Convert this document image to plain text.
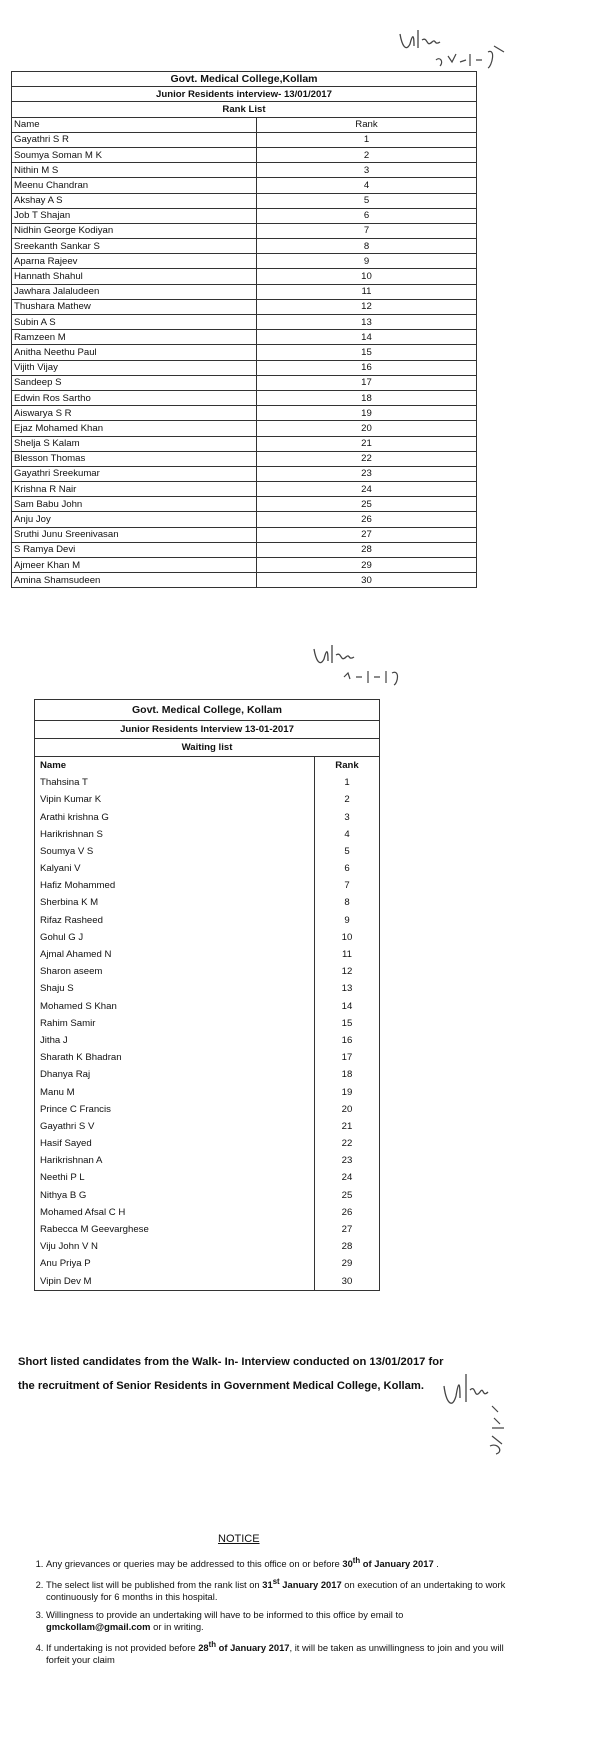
Govt. Medical College,Kollam	
Junior Residents interview- 13/01/2017	
Rank List	
Name	Rank
Gayathri S R	1
Soumya Soman M K	2
Nithin M S	3
Meenu Chandran	4
Akshay A S	5
Job T Shajan	6
Nidhin George Kodiyan	7
Sreekanth Sankar S	8
Aparna Rajeev	9
Hannath Shahul	10
Jawhara Jalaludeen	11
Thushara Mathew	12
Subin A S	13
Ramzeen M	14
Anitha Neethu Paul	15
Vijith Vijay	16
Sandeep S	17
Edwin Ros Sartho	18
Aiswarya S R	19
Ejaz Mohamed Khan	20
Shelja S Kalam	21
Blesson Thomas	22
Gayathri Sreekumar	23
Krishna R Nair	24
Sam Babu John	25
Anju Joy	26
Sruthi Junu Sreenivasan	27
S Ramya Devi	28
Ajmeer Khan M	29
Amina Shamsudeen	30
Govt. Medical College, Kollam	
Junior Residents Interview 13-01-2017	
Waiting list	
Name	Rank
Thahsina T	1
Vipin Kumar K	2
Arathi krishna G	3
Harikrishnan S	4
Soumya V S	5
Kalyani V	6
Hafiz Mohammed	7
Sherbina K M	8
Rifaz Rasheed	9
Gohul G J	10
Ajmal Ahamed N	11
Sharon aseem	12
Shaju S	13
Mohamed S Khan	14
Rahim Samir	15
Jitha J	16
Sharath K Bhadran	17
Dhanya Raj	18
Manu M	19
Prince C Francis	20
Gayathri S V	21
Hasif Sayed	22
Harikrishnan A	23
Neethi P L	24
Nithya B G	25
Mohamed Afsal C H	26
Rabecca M Geevarghese	27
Viju John V N	28
Anu Priya P	29
Vipin Dev M	30
Short listed candidates from the Walk- In- Interview conducted on 13/01/2017 for the recruitment of Senior Residents in Government Medical College, Kollam.
NOTICE
1. Any grievances or queries may be addressed to this office on or before 30th of January 2017 .
2. The select list will be published from the rank list on 31st January 2017 on execution of an undertaking to work continuously for 6 months in this hospital.
3. Willingness to provide an undertaking will have to be informed to this office by email to gmckollam@gmail.com or in writing.
4. If undertaking is not provided before 28th of January 2017, it will be taken as unwillingness to join and you will forfeit your claim
